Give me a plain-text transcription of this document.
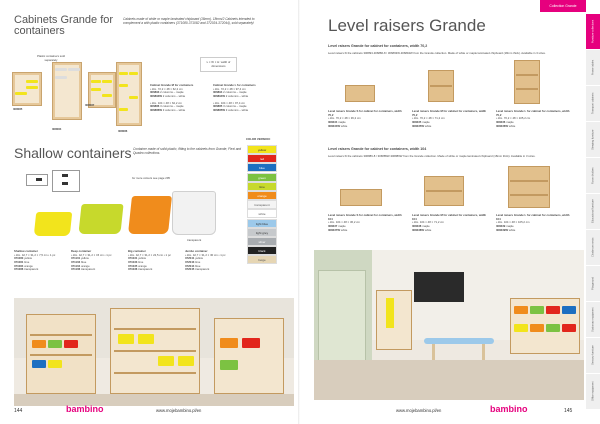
Cabinets Grande for
containers
Cabinets made of white or maple laminated chipboard (18mm). 18mm/2 Cabinets intended to complement a with plastic containers (371080-371082 and 372034-372044), sold separately!
Plastic containers sold separately
308085
308087
308084	308086
L × W × H: width of dimensions
Cabinet Grande M for containers
• dim. 72,2 × 48 × 62,2 cm
306893 2 columns – maple
306893W 2 columns – white
• dim. 104 × 48 × 62,2 cm
306886 3 columns – maple
306886W 3 columns – white
Cabinet Grande L for containers
• dim. 72,2 × 48 × 97,4 cm
306894 2 columns – maple
306894W 2 columns – white
• dim. 104 × 48 × 97,4 cm
306885 3 columns – maple
306885W 3 columns – white
Shallow containers Container made of solid plastic, fitting to the cabinets from Grande, Flexi and Quadro collections.
for more colours see page 295
transparent
COLOR VERSION:
yellow
red
blue
green
lime
orange
transparent
white
light blue
light grey
silver
black
beige
Shallow container
• dim. 42,7 × 31,2 × 7,5 cm • 1 pc
371080 yellow
371081 lime
371084 orange
371086 transparent
Deep container
• dim. 42,7 × 31,2 × 15 cm • 1 pc
371101 yellow
371103 blue
371104 orange
371106 transparent
Big container
• dim. 42,7 × 31,2 × 22,5 cm • 1 pc
371031 yellow
371033 lime
371035 orange
371036 transparent
Jumbo container
• dim. 42,7 × 31,2 × 30 cm • 1 pc
372041 yellow
372043 lime
372044 blue
372045 transparent
144	bambino	www.mojebambino.pl/en
Collection Grande
Level raisers Grande
Level raisers Grande for cabinet for containers, width 70,2
Level raisers fit the cabinets 306893-306886-8 / 306893W-306894W from the Grande collection. Made of white or maple laminated chipboard (18mm thick). Available in 3 sizes.
Level raisers Grande S for cabinet for containers, width 70,2
• dim. 70,2 × 48 × 36,2 cm
308234 maple
308234W white
Level raisers Grande M for cabinet for containers, width 70,2
• dim. 70,2 × 48 × 71,2 cm
308235 maple
308235W white
Level raisers Grande L for cabinet for containers, width 70,2
• dim. 70,2 × 48 × 105,2 cm
308236 maple
308236W white
Level raisers Grande for cabinet for containers, width 104
Level raisers fit the cabinets 306886-8 / 306885W-306886W from the Grande collection. Made of white or maple laminated chipboard (18mm thick). Available in 3 sizes.
Level raisers Grande S for cabinet for containers, width 104
• dim. 104 × 48 × 36,2 cm
308237 maple
308237W white
Level raisers Grande M for cabinet for containers, width 104
• dim. 104 × 48 × 71,2 cm
308238 maple
308238W white
Level raisers Grande L for cabinet for containers, width 104
• dim. 104 × 48 × 105,2 cm
308239 maple
308239W white
Furniture collections
Frame tables
Transport cabinets
Sleeping furniture
Room dividers
Educational furniture
Cloakroom seats
Playground
Stationary equipment
Sensory furniture
Office equipment
www.mojebambino.pl/en	bambino	145
